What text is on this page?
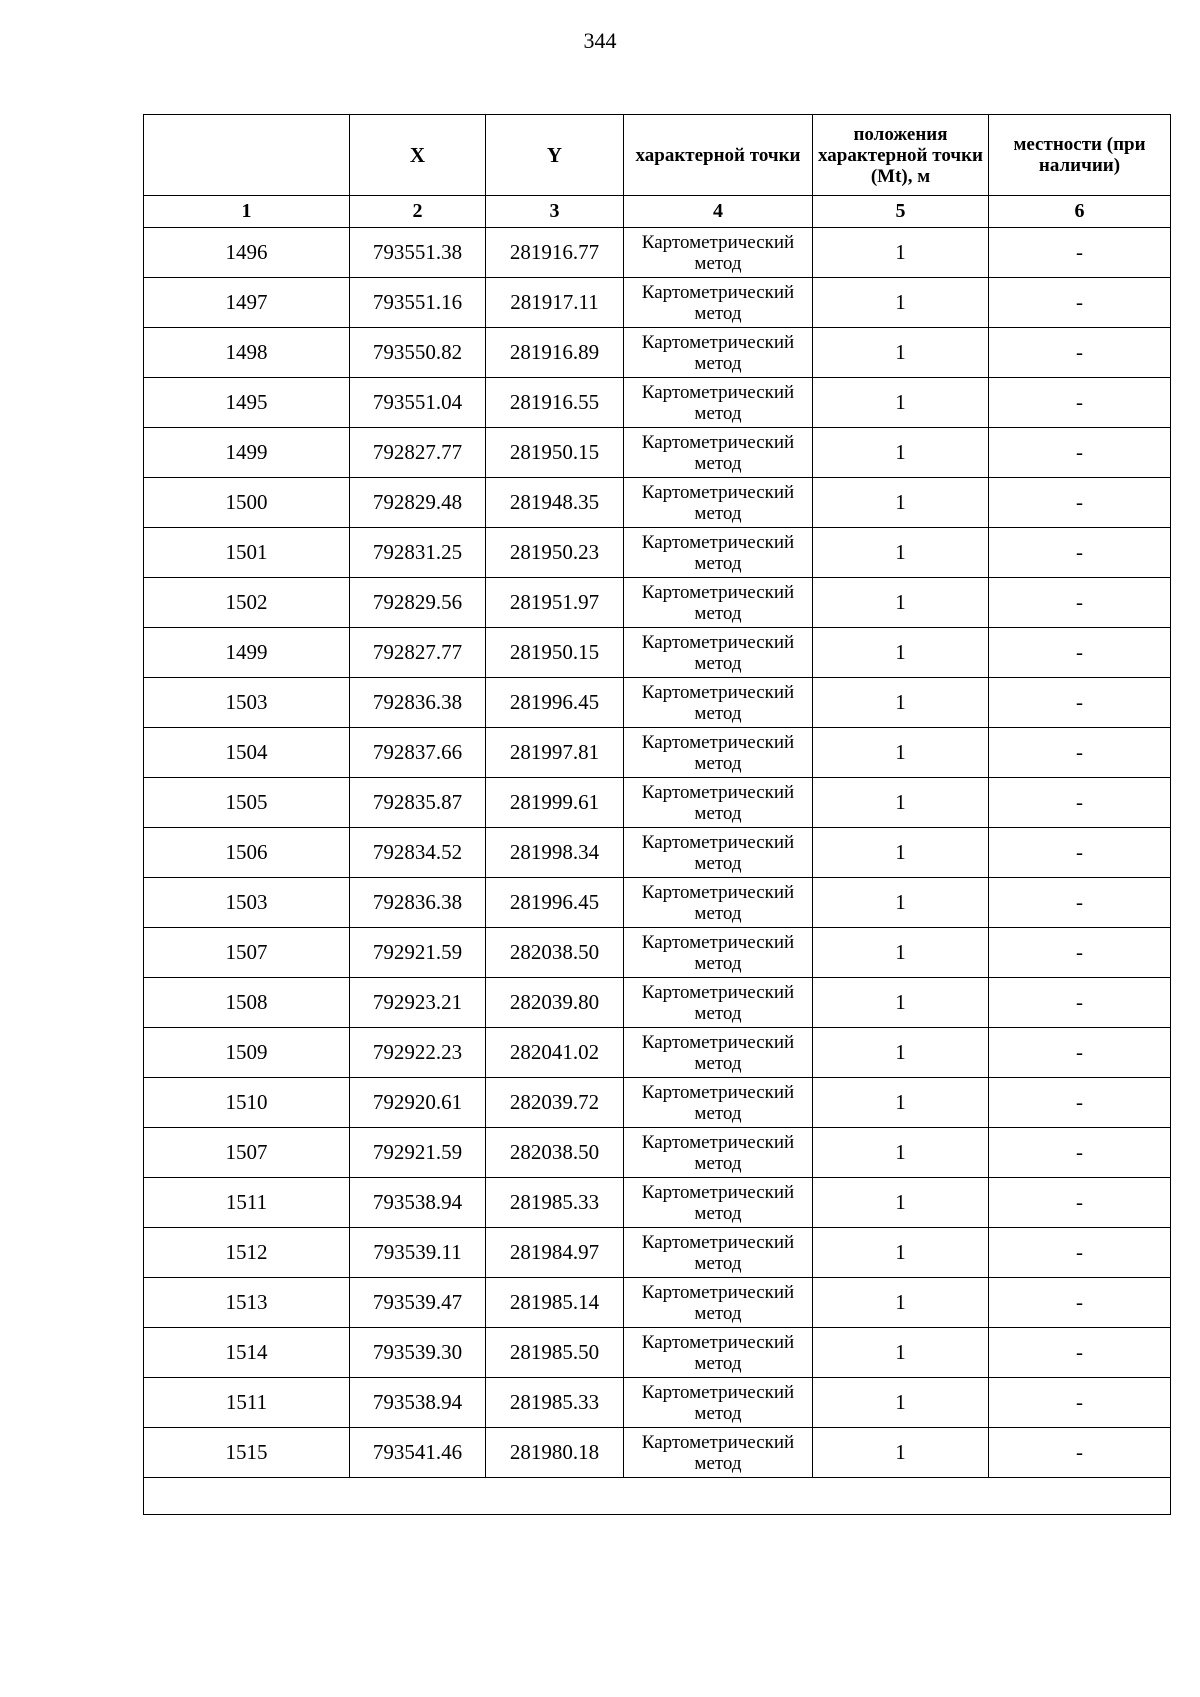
344
	X	Y	характерной точки	положения характерной точки (Mt), м	местности (при наличии)
1	2	3	4	5	6
1496	793551.38	281916.77	Картометрический метод	1	-
1497	793551.16	281917.11	Картометрический метод	1	-
1498	793550.82	281916.89	Картометрический метод	1	-
1495	793551.04	281916.55	Картометрический метод	1	-
1499	792827.77	281950.15	Картометрический метод	1	-
1500	792829.48	281948.35	Картометрический метод	1	-
1501	792831.25	281950.23	Картометрический метод	1	-
1502	792829.56	281951.97	Картометрический метод	1	-
1499	792827.77	281950.15	Картометрический метод	1	-
1503	792836.38	281996.45	Картометрический метод	1	-
1504	792837.66	281997.81	Картометрический метод	1	-
1505	792835.87	281999.61	Картометрический метод	1	-
1506	792834.52	281998.34	Картометрический метод	1	-
1503	792836.38	281996.45	Картометрический метод	1	-
1507	792921.59	282038.50	Картометрический метод	1	-
1508	792923.21	282039.80	Картометрический метод	1	-
1509	792922.23	282041.02	Картометрический метод	1	-
1510	792920.61	282039.72	Картометрический метод	1	-
1507	792921.59	282038.50	Картометрический метод	1	-
1511	793538.94	281985.33	Картометрический метод	1	-
1512	793539.11	281984.97	Картометрический метод	1	-
1513	793539.47	281985.14	Картометрический метод	1	-
1514	793539.30	281985.50	Картометрический метод	1	-
1511	793538.94	281985.33	Картометрический метод	1	-
1515	793541.46	281980.18	Картометрический метод	1	-
